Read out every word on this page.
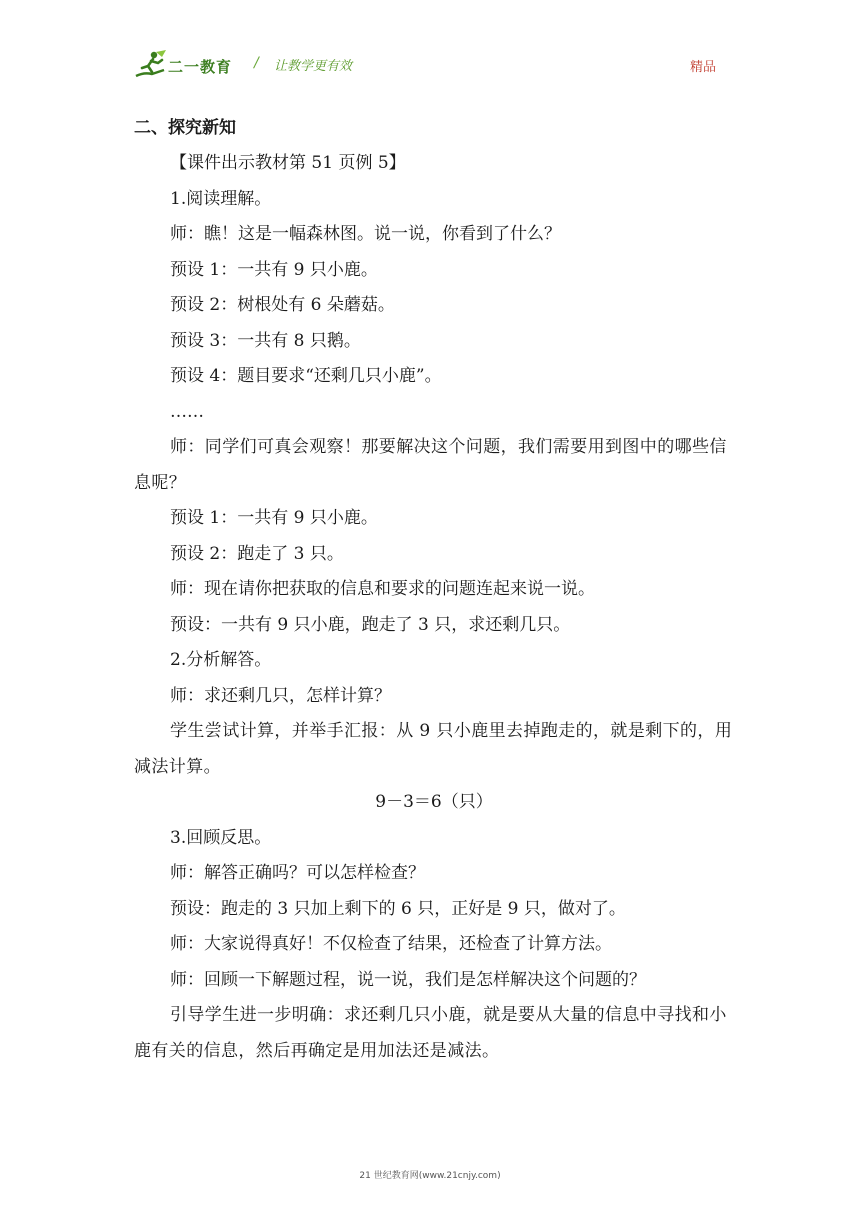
二一教育 / 让教学更有效	精品
二、探究新知
【课件出示教材第 51 页例 5】
1.阅读理解。
师：瞧！这是一幅森林图。说一说，你看到了什么？
预设 1：一共有 9 只小鹿。
预设 2：树根处有 6 朵蘑菇。
预设 3：一共有 8 只鹅。
预设 4：题目要求“还剩几只小鹿”。
……
师：同学们可真会观察！那要解决这个问题，我们需要用到图中的哪些信息呢？
预设 1：一共有 9 只小鹿。
预设 2：跑走了 3 只。
师：现在请你把获取的信息和要求的问题连起来说一说。
预设：一共有 9 只小鹿，跑走了 3 只，求还剩几只。
2.分析解答。
师：求还剩几只，怎样计算？
学生尝试计算，并举手汇报：从 9 只小鹿里去掉跑走的，就是剩下的，用减法计算。
9－3＝6（只）
3.回顾反思。
师：解答正确吗？可以怎样检查？
预设：跑走的 3 只加上剩下的 6 只，正好是 9 只，做对了。
师：大家说得真好！不仅检查了结果，还检查了计算方法。
师：回顾一下解题过程，说一说，我们是怎样解决这个问题的？
引导学生进一步明确：求还剩几只小鹿，就是要从大量的信息中寻找和小鹿有关的信息，然后再确定是用加法还是减法。
21 世纪教育网(www.21cnjy.com)
